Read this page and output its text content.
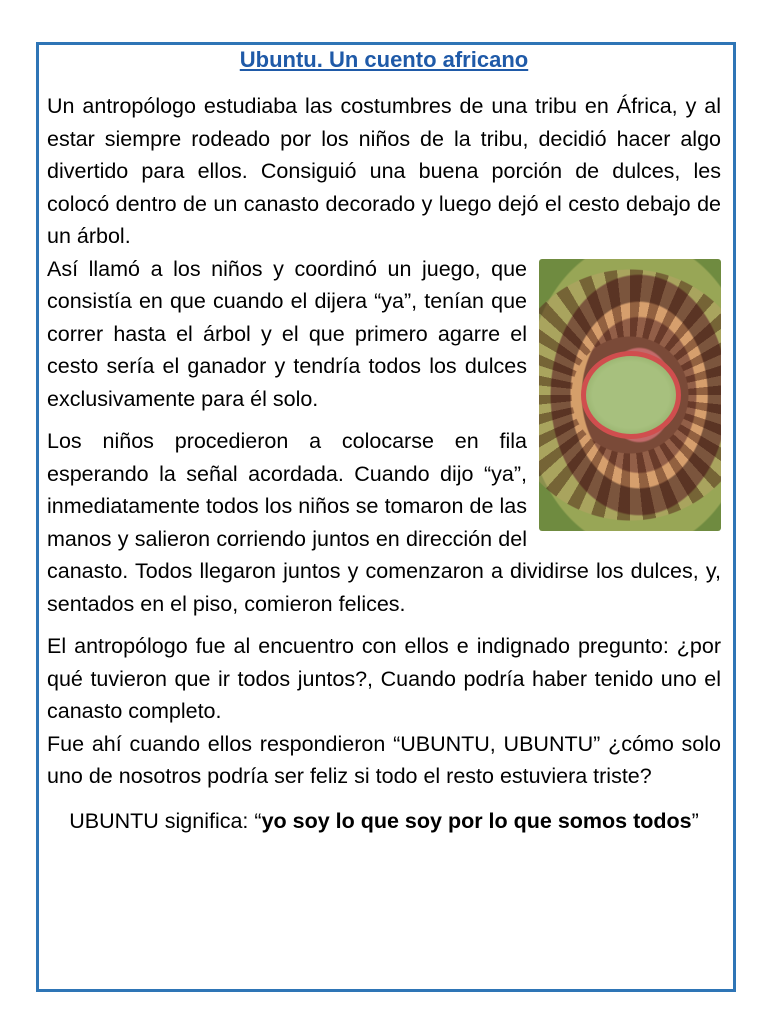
Ubuntu. Un cuento africano

Un antropólogo estudiaba las costumbres de una tribu en África, y al estar siempre rodeado por los niños de la tribu, decidió hacer algo divertido para ellos. Consiguió una buena porción de dulces, les colocó dentro de un canasto decorado y luego dejó el cesto debajo de un árbol.

Así llamó a los niños y coordinó un juego, que consistía en que cuando el dijera “ya”, tenían que correr hasta el árbol y el que primero agarre el cesto sería el ganador y tendría todos los dulces exclusivamente para él solo.

Los niños procedieron a colocarse en fila esperando la señal acordada. Cuando dijo “ya”, inmediatamente todos los niños se tomaron de las manos y salieron corriendo juntos en dirección del canasto. Todos llegaron juntos y comenzaron a dividirse los dulces, y, sentados en el piso, comieron felices.

El antropólogo fue al encuentro con ellos e indignado pregunto: ¿por qué tuvieron que ir todos juntos?, Cuando podría haber tenido uno el canasto completo.

Fue ahí cuando ellos respondieron “UBUNTU, UBUNTU” ¿cómo solo uno de nosotros podría ser feliz si todo el resto estuviera triste?

UBUNTU significa: “yo soy lo que soy por lo que somos todos”
